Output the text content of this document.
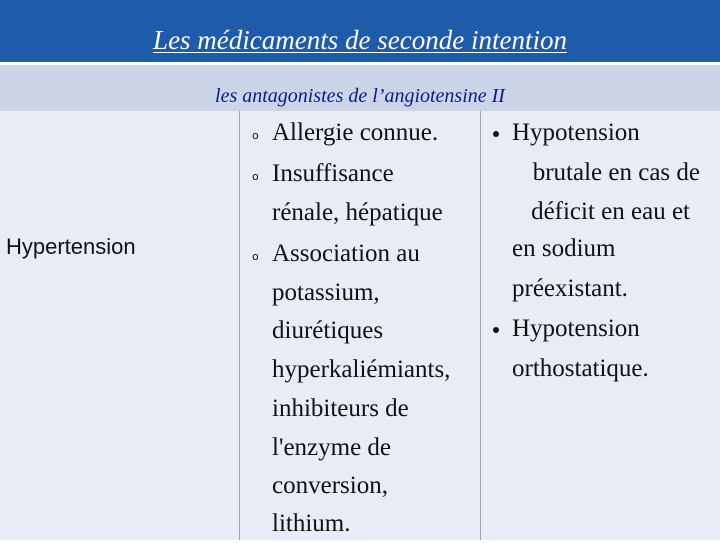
Les médicaments de seconde intention
les antagonistes de l’angiotensine II
Hypertension
o Allergie connue.
o Insuffisance
rénale, hépatique
o Association au
potassium,
diurétiques
hyperkaliémiants,
inhibiteurs de
l'enzyme de
conversion,
lithium.
Hypotension
brutale en cas de
déficit en eau et
en sodium
préexistant.
Hypotension
orthostatique.
